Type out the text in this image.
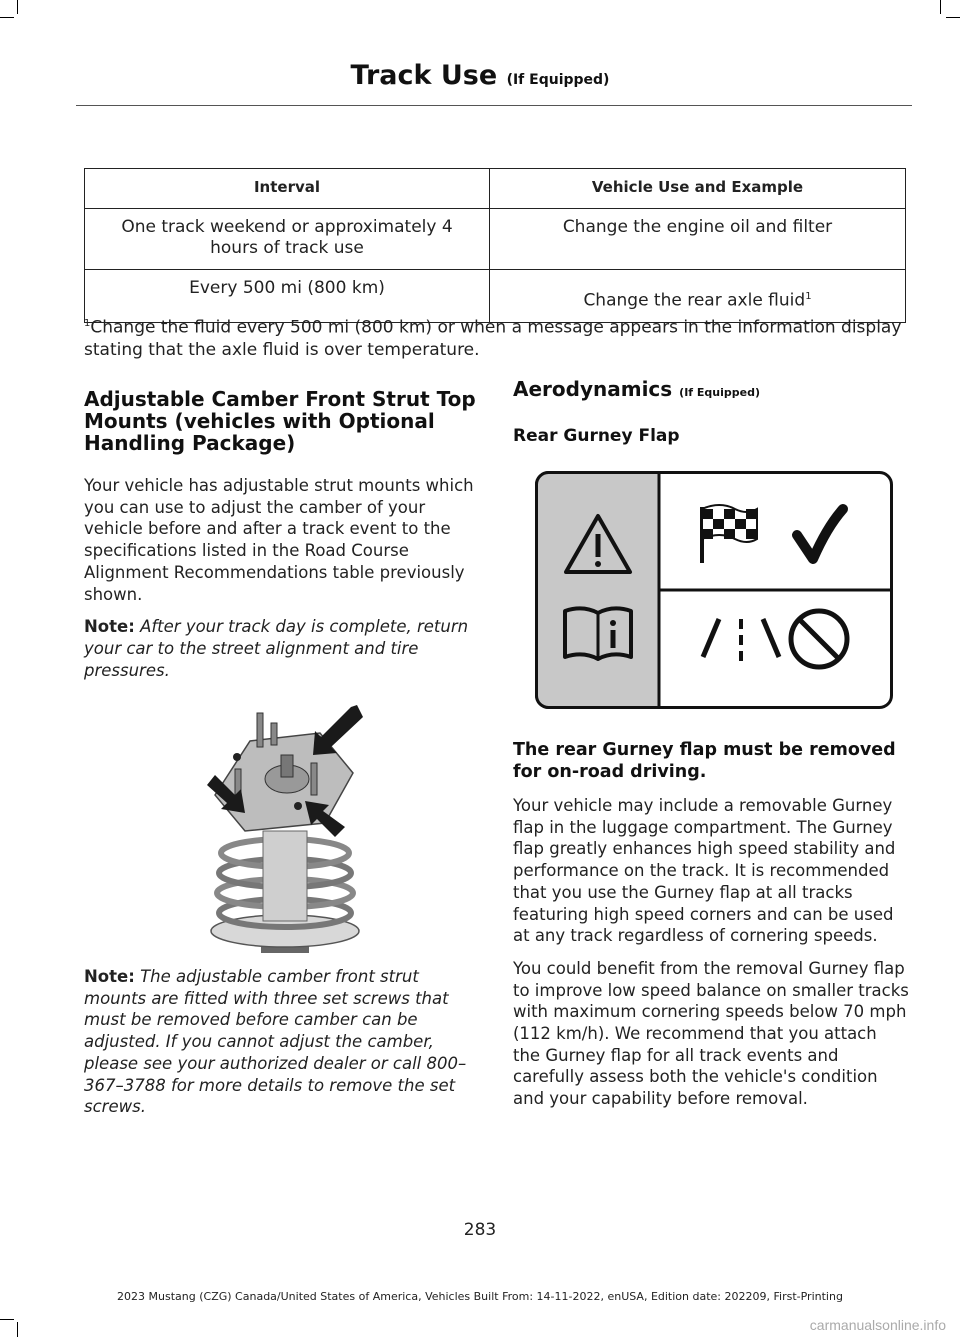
Track Use (If Equipped)
Interval	Vehicle Use and Example
One track weekend or approximately 4 hours of track use	Change the engine oil and filter
Every 500 mi (800 km)	Change the rear axle fluid$^1$
$^1$Change the fluid every 500 mi (800 km) or when a message appears in the information display stating that the axle fluid is over temperature.
Adjustable Camber Front Strut Top Mounts (vehicles with Optional Handling Package)

Your vehicle has adjustable strut mounts which you can use to adjust the camber of your vehicle before and after a track event to the specifications listed in the Road Course Alignment Recommendations table previously shown.

Note: After your track day is complete, return your car to the street alignment and tire pressures.

Note: The adjustable camber front strut mounts are fitted with three set screws that must be removed before camber can be adjusted. If you cannot adjust the camber, please see your authorized dealer or call 800–367–3788 for more details to remove the set screws.

Aerodynamics (If Equipped)
Rear Gurney Flap
The rear Gurney flap must be removed for on-road driving.

Your vehicle may include a removable Gurney flap in the luggage compartment. The Gurney flap greatly enhances high speed stability and performance on the track. It is recommended that you use the Gurney flap at all tracks featuring high speed corners and can be used at any track regardless of cornering speeds.

You could benefit from the removal Gurney flap to improve low speed balance on smaller tracks with maximum cornering speeds below 70 mph (112 km/h). We recommend that you attach the Gurney flap for all track events and carefully assess both the vehicle's condition and your capability before removal.

283
2023 Mustang (CZG) Canada/United States of America, Vehicles Built From: 14-11-2022, enUSA, Edition date: 202209, First-Printing
carmanualsonline.info
